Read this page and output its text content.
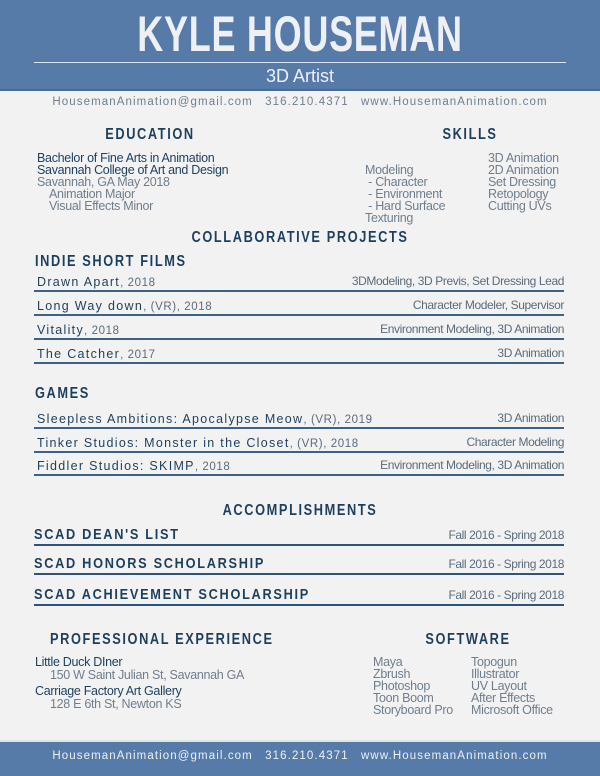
KYLE HOUSEMAN
3D Artist
HousemanAnimation@gmail.com 316.210.4371 www.HousemanAnimation.com
EDUCATION
Bachelor of Fine Arts in Animation
Savannah College of Art and Design
Savannah, GA May 2018
Animation Major
Visual Effects Minor
SKILLS

Modeling
- Character
- Environment
- Hard Surface
Texturing

3D Animation
2D Animation
Set Dressing
Retopology
Cutting UVs
COLLABORATIVE PROJECTS
INDIE SHORT FILMS
Drawn Apart, 2018	3DModeling, 3D Previs, Set Dressing Lead
Long Way down, (VR), 2018	Character Modeler, Supervisor
Vitality, 2018	Environment Modeling, 3D Animation
The Catcher, 2017	3D Animation
GAMES
Sleepless Ambitions: Apocalypse Meow, (VR), 2019	3D Animation
Tinker Studios: Monster in the Closet, (VR), 2018	Character Modeling
Fiddler Studios: SKIMP, 2018	Environment Modeling, 3D Animation
ACCOMPLISHMENTS
SCAD DEAN'S LIST	Fall 2016 - Spring 2018
SCAD HONORS SCHOLARSHIP	Fall 2016 - Spring 2018
SCAD ACHIEVEMENT SCHOLARSHIP	Fall 2016 - Spring 2018
PROFESSIONAL EXPERIENCE
Little Duck DIner
150 W Saint Julian St, Savannah GA
Carriage Factory Art Gallery
128 E 6th St, Newton KS
SOFTWARE
Maya
Zbrush
Photoshop
Toon Boom
Storyboard Pro
Topogun
Illustrator
UV Layout
After Effects
Microsoft Office
HousemanAnimation@gmail.com 316.210.4371 www.HousemanAnimation.com
